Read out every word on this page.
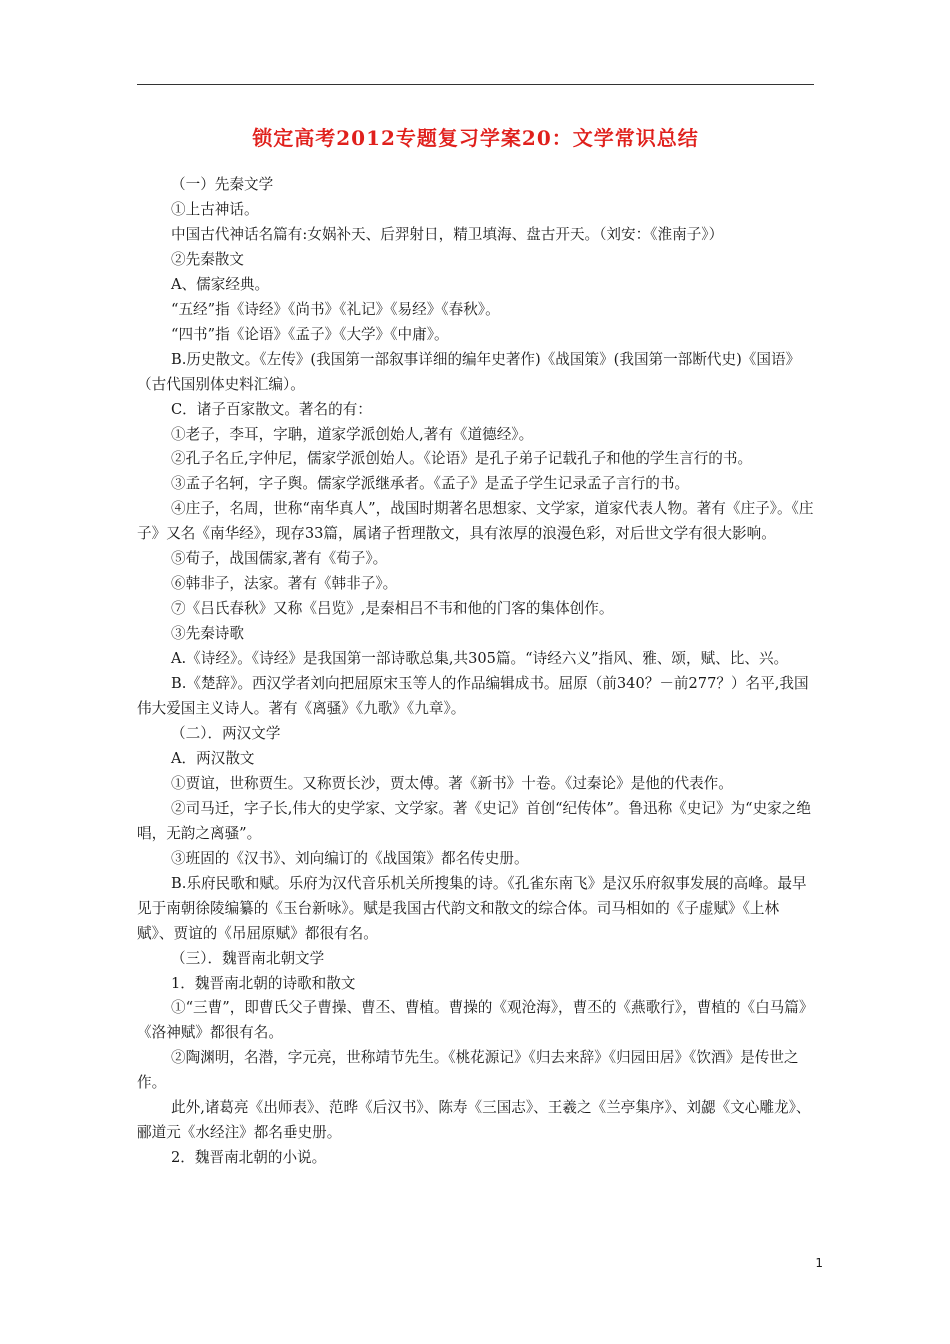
锁定高考2012专题复习学案20：文学常识总结

（一）先秦文学

①上古神话。

中国古代神话名篇有:女娲补天、后羿射日，精卫填海、盘古开天。（刘安：《淮南子》）

②先秦散文

A、儒家经典。

“五经”指《诗经》《尚书》《礼记》《易经》《春秋》。

“四书”指《论语》《孟子》《大学》《中庸》。

B.历史散文。《左传》(我国第一部叙事详细的编年史著作)《战国策》(我国第一部断代史)《国语》（古代国别体史料汇编）。

C．诸子百家散文。著名的有：

①老子，李耳，字聃，道家学派创始人,著有《道德经》。

②孔子名丘,字仲尼，儒家学派创始人。《论语》是孔子弟子记载孔子和他的学生言行的书。

③孟子名轲，字子舆。儒家学派继承者。《孟子》是孟子学生记录孟子言行的书。

④庄子，名周，世称“南华真人”，战国时期著名思想家、文学家，道家代表人物。著有《庄子》。《庄子》又名《南华经》，现存33篇，属诸子哲理散文，具有浓厚的浪漫色彩，对后世文学有很大影响。

⑤荀子，战国儒家,著有《荀子》。

⑥韩非子，法家。著有《韩非子》。

⑦《吕氏春秋》又称《吕览》,是秦相吕不韦和他的门客的集体创作。

③先秦诗歌

A.《诗经》。《诗经》是我国第一部诗歌总集,共305篇。“诗经六义”指风、雅、颂，赋、比、兴。

B.《楚辞》。西汉学者刘向把屈原宋玉等人的作品编辑成书。屈原（前340？－前277？）名平,我国伟大爱国主义诗人。著有《离骚》《九歌》《九章》。

（二）．两汉文学

A．两汉散文

①贾谊，世称贾生。又称贾长沙，贾太傅。著《新书》十卷。《过秦论》是他的代表作。

②司马迁，字子长,伟大的史学家、文学家。著《史记》首创“纪传体”。鲁迅称《史记》为“史家之绝唱，无韵之离骚”。

③班固的《汉书》、刘向编订的《战国策》都名传史册。

B.乐府民歌和赋。乐府为汉代音乐机关所搜集的诗。《孔雀东南飞》是汉乐府叙事发展的高峰。最早见于南朝徐陵编纂的《玉台新咏》。赋是我国古代韵文和散文的综合体。司马相如的《子虚赋》《上林赋》、贾谊的《吊屈原赋》都很有名。

（三）．魏晋南北朝文学

1．魏晋南北朝的诗歌和散文

①“三曹”，即曹氏父子曹操、曹丕、曹植。曹操的《观沧海》，曹丕的《燕歌行》，曹植的《白马篇》《洛神赋》都很有名。

②陶渊明，名潜，字元亮，世称靖节先生。《桃花源记》《归去来辞》《归园田居》《饮酒》是传世之作。

此外,诸葛亮《出师表》、范晔《后汉书》、陈寿《三国志》、王羲之《兰亭集序》、刘勰《文心雕龙》、郦道元《水经注》都名垂史册。

2．魏晋南北朝的小说。

1
